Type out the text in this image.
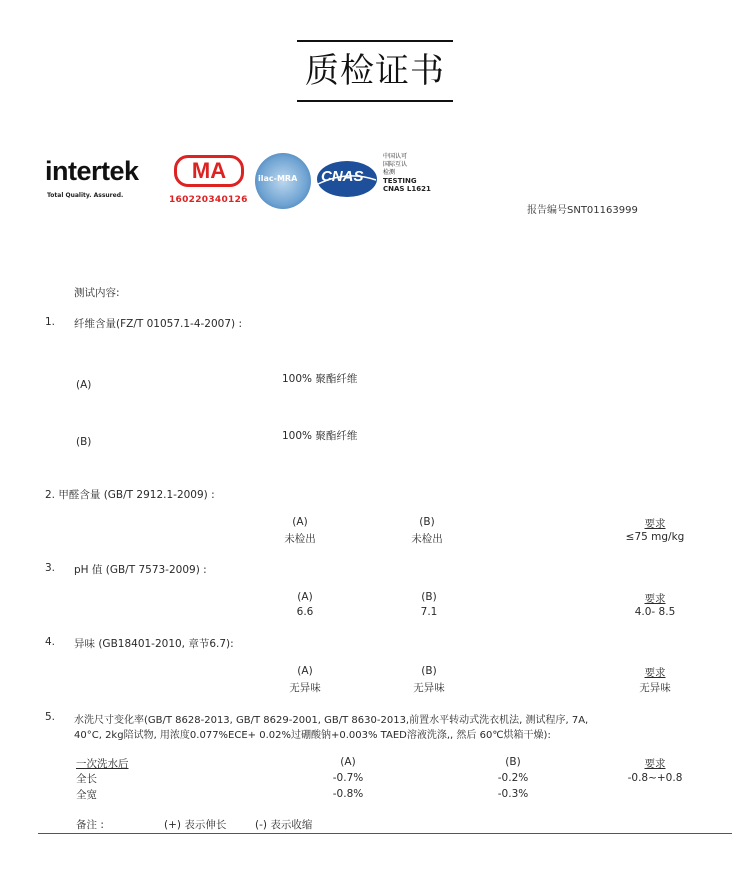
质检证书
intertek
Total Quality. Assured.
MA
160220340126
ilac-MRA CNAS
中国认可
国际互认
检测
TESTING
CNAS L1621
报告编号SNT01163999
测试内容:
1. 纤维含量(FZ/T 01057.1-4-2007) :
(A)	100% 聚酯纤维
(B)	100% 聚酯纤维
2. 甲醛含量 (GB/T 2912.1-2009) :
(A)	(B)	要求
未检出	未检出	≤75 mg/kg
3. pH 值 (GB/T 7573-2009) :
(A)	(B)	要求
6.6	7.1	4.0- 8.5
4. 异味 (GB18401-2010, 章节6.7):
(A)	(B)	要求
无异味	无异味	无异味
5. 水洗尺寸变化率(GB/T 8628-2013, GB/T 8629-2001, GB/T 8630-2013,前置水平转动式洗衣机法, 测试程序, 7A,
40°C, 2kg陪试物, 用浓度0.077%ECE+ 0.02%过硼酸钠+0.003% TAED溶液洗涤,, 然后 60℃烘箱干燥):
一次洗水后	(A)	(B)	要求
全长	-0.7%	-0.2%	-0.8~+0.8
全宽	-0.8%	-0.3%
备注 :	(+) 表示伸长	(-) 表示收缩
